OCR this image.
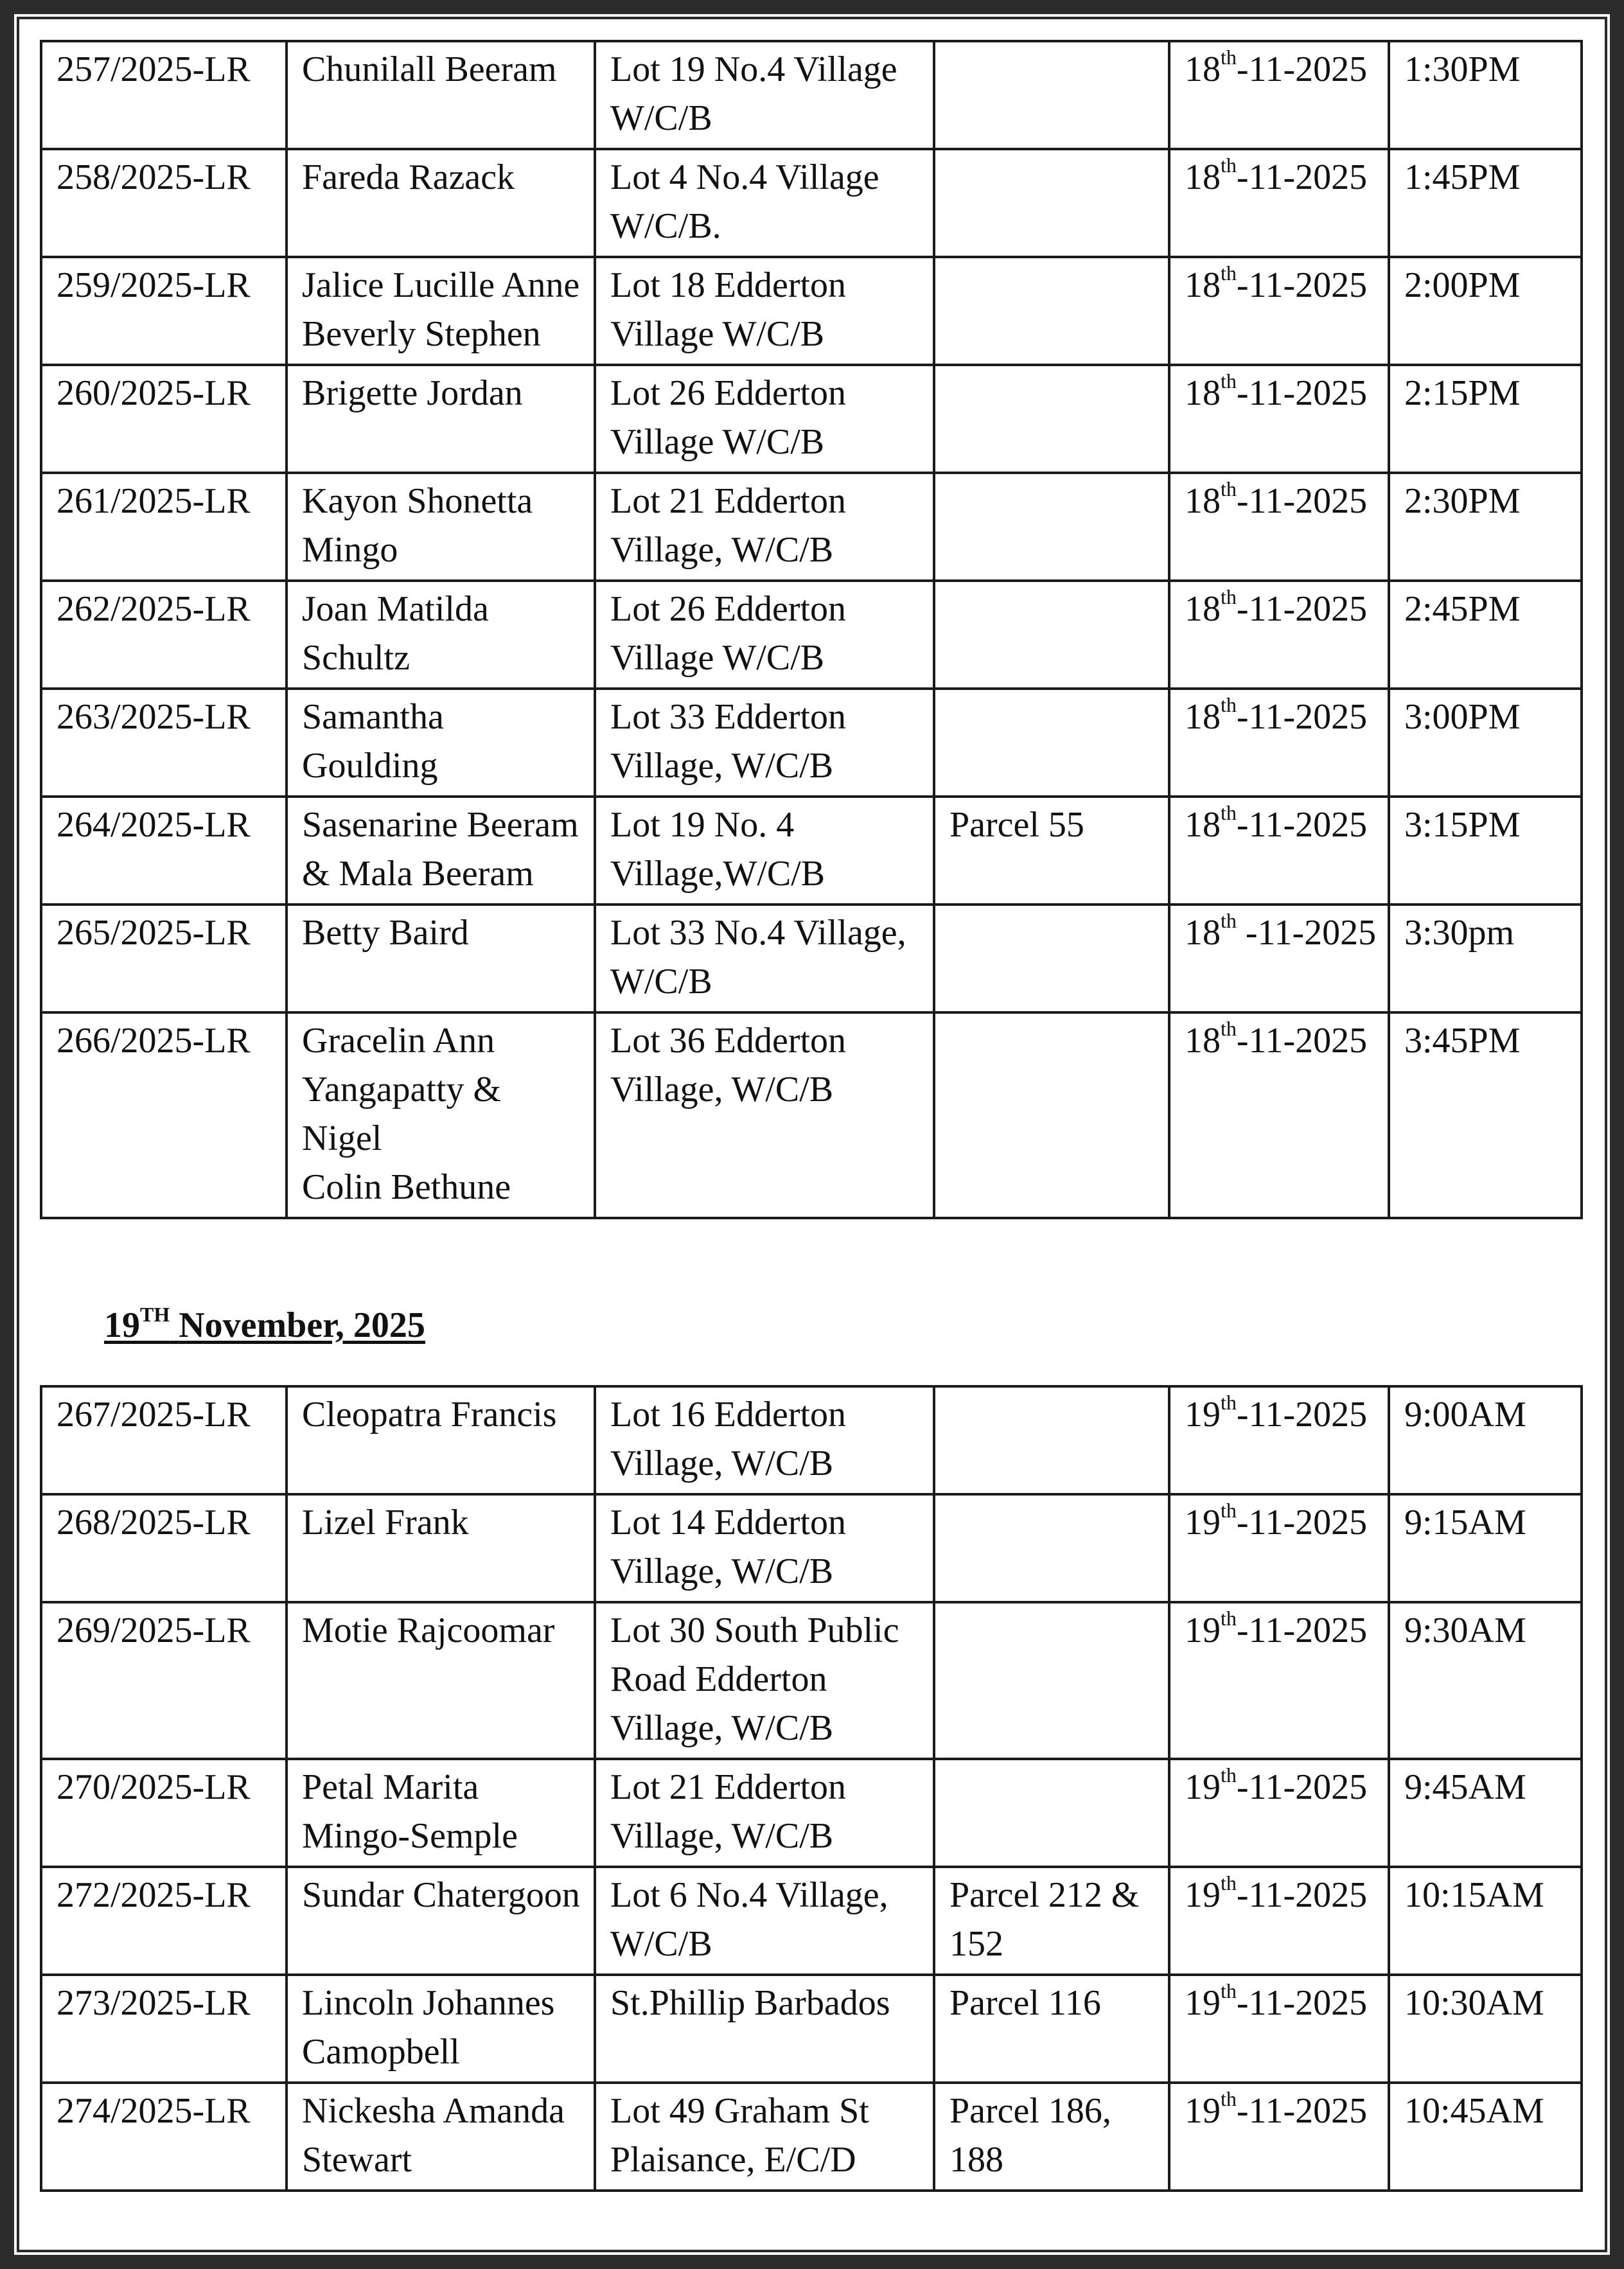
257/2025-LR	Chunilall Beeram	Lot 19 No.4 Village
W/C/B		18th-11-2025	1:30PM
258/2025-LR	Fareda Razack	Lot 4 No.4 Village
W/C/B.		18th-11-2025	1:45PM
259/2025-LR	Jalice Lucille Anne
Beverly Stephen	Lot 18 Edderton
Village W/C/B		18th-11-2025	2:00PM
260/2025-LR	Brigette Jordan	Lot 26 Edderton
Village W/C/B		18th-11-2025	2:15PM
261/2025-LR	Kayon Shonetta
Mingo	Lot 21 Edderton
Village, W/C/B		18th-11-2025	2:30PM
262/2025-LR	Joan Matilda
Schultz	Lot 26 Edderton
Village W/C/B		18th-11-2025	2:45PM
263/2025-LR	Samantha Goulding	Lot 33 Edderton
Village, W/C/B		18th-11-2025	3:00PM
264/2025-LR	Sasenarine Beeram
& Mala Beeram	Lot 19 No. 4
Village,W/C/B	Parcel 55	18th-11-2025	3:15PM
265/2025-LR	Betty Baird	Lot 33 No.4 Village,
W/C/B		18th -11-2025	3:30pm
266/2025-LR	Gracelin Ann
Yangapatty & Nigel
Colin Bethune	Lot 36 Edderton
Village, W/C/B		18th-11-2025	3:45PM
19TH November, 2025
267/2025-LR	Cleopatra Francis	Lot 16 Edderton
Village, W/C/B		19th-11-2025	9:00AM
268/2025-LR	Lizel Frank	Lot 14 Edderton
Village, W/C/B		19th-11-2025	9:15AM
269/2025-LR	Motie Rajcoomar	Lot 30 South Public
Road Edderton
Village, W/C/B		19th-11-2025	9:30AM
270/2025-LR	Petal Marita
Mingo-Semple	Lot 21 Edderton
Village, W/C/B		19th-11-2025	9:45AM
272/2025-LR	Sundar Chatergoon	Lot 6 No.4 Village,
W/C/B	Parcel 212 &
152	19th-11-2025	10:15AM
273/2025-LR	Lincoln Johannes
Camopbell	St.Phillip Barbados	Parcel 116	19th-11-2025	10:30AM
274/2025-LR	Nickesha Amanda
Stewart	Lot 49 Graham St
Plaisance, E/C/D	Parcel 186,
188	19th-11-2025	10:45AM
